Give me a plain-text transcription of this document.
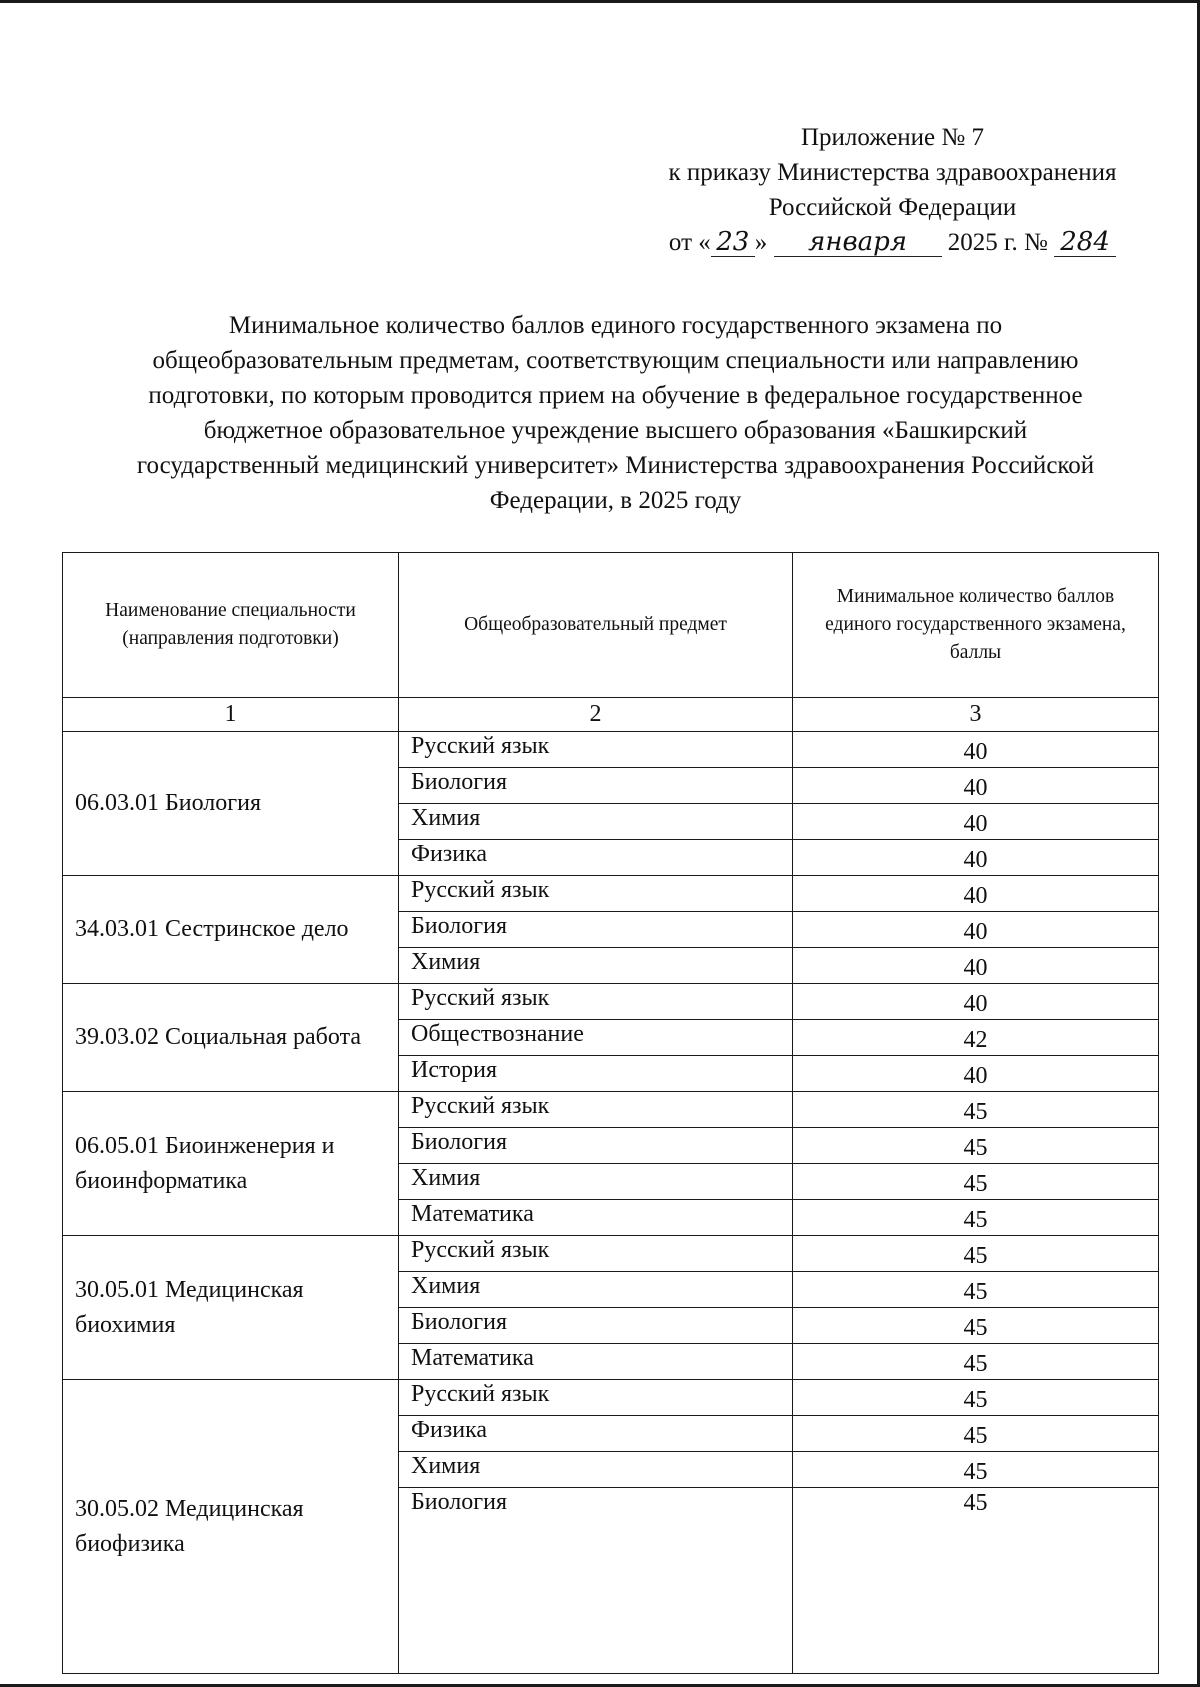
Приложение № 7
к приказу Министерства здравоохранения
Российской Федерации
от « 23 » января 2025 г. № 284
Минимальное количество баллов единого государственного экзамена по
общеобразовательным предметам, соответствующим специальности или направлению
подготовки, по которым проводится прием на обучение в федеральное государственное
бюджетное образовательное учреждение высшего образования «Башкирский
государственный медицинский университет» Министерства здравоохранения Российской
Федерации, в 2025 году
Наименование специальности (направления подготовки)	Общеобразовательный предмет	Минимальное количество баллов единого государственного экзамена, баллы
1	2	3
06.03.01 Биология	Русский язык	40
	Биология	40
	Химия	40
	Физика	40
34.03.01 Сестринское дело	Русский язык	40
	Биология	40
	Химия	40
39.03.02 Социальная работа	Русский язык	40
	Обществознание	42
	История	40
06.05.01 Биоинженерия и биоинформатика	Русский язык	45
	Биология	45
	Химия	45
	Математика	45
30.05.01 Медицинская биохимия	Русский язык	45
	Химия	45
	Биология	45
	Математика	45
30.05.02 Медицинская биофизика	Русский язык	45
	Физика	45
	Химия	45
	Биология	45
